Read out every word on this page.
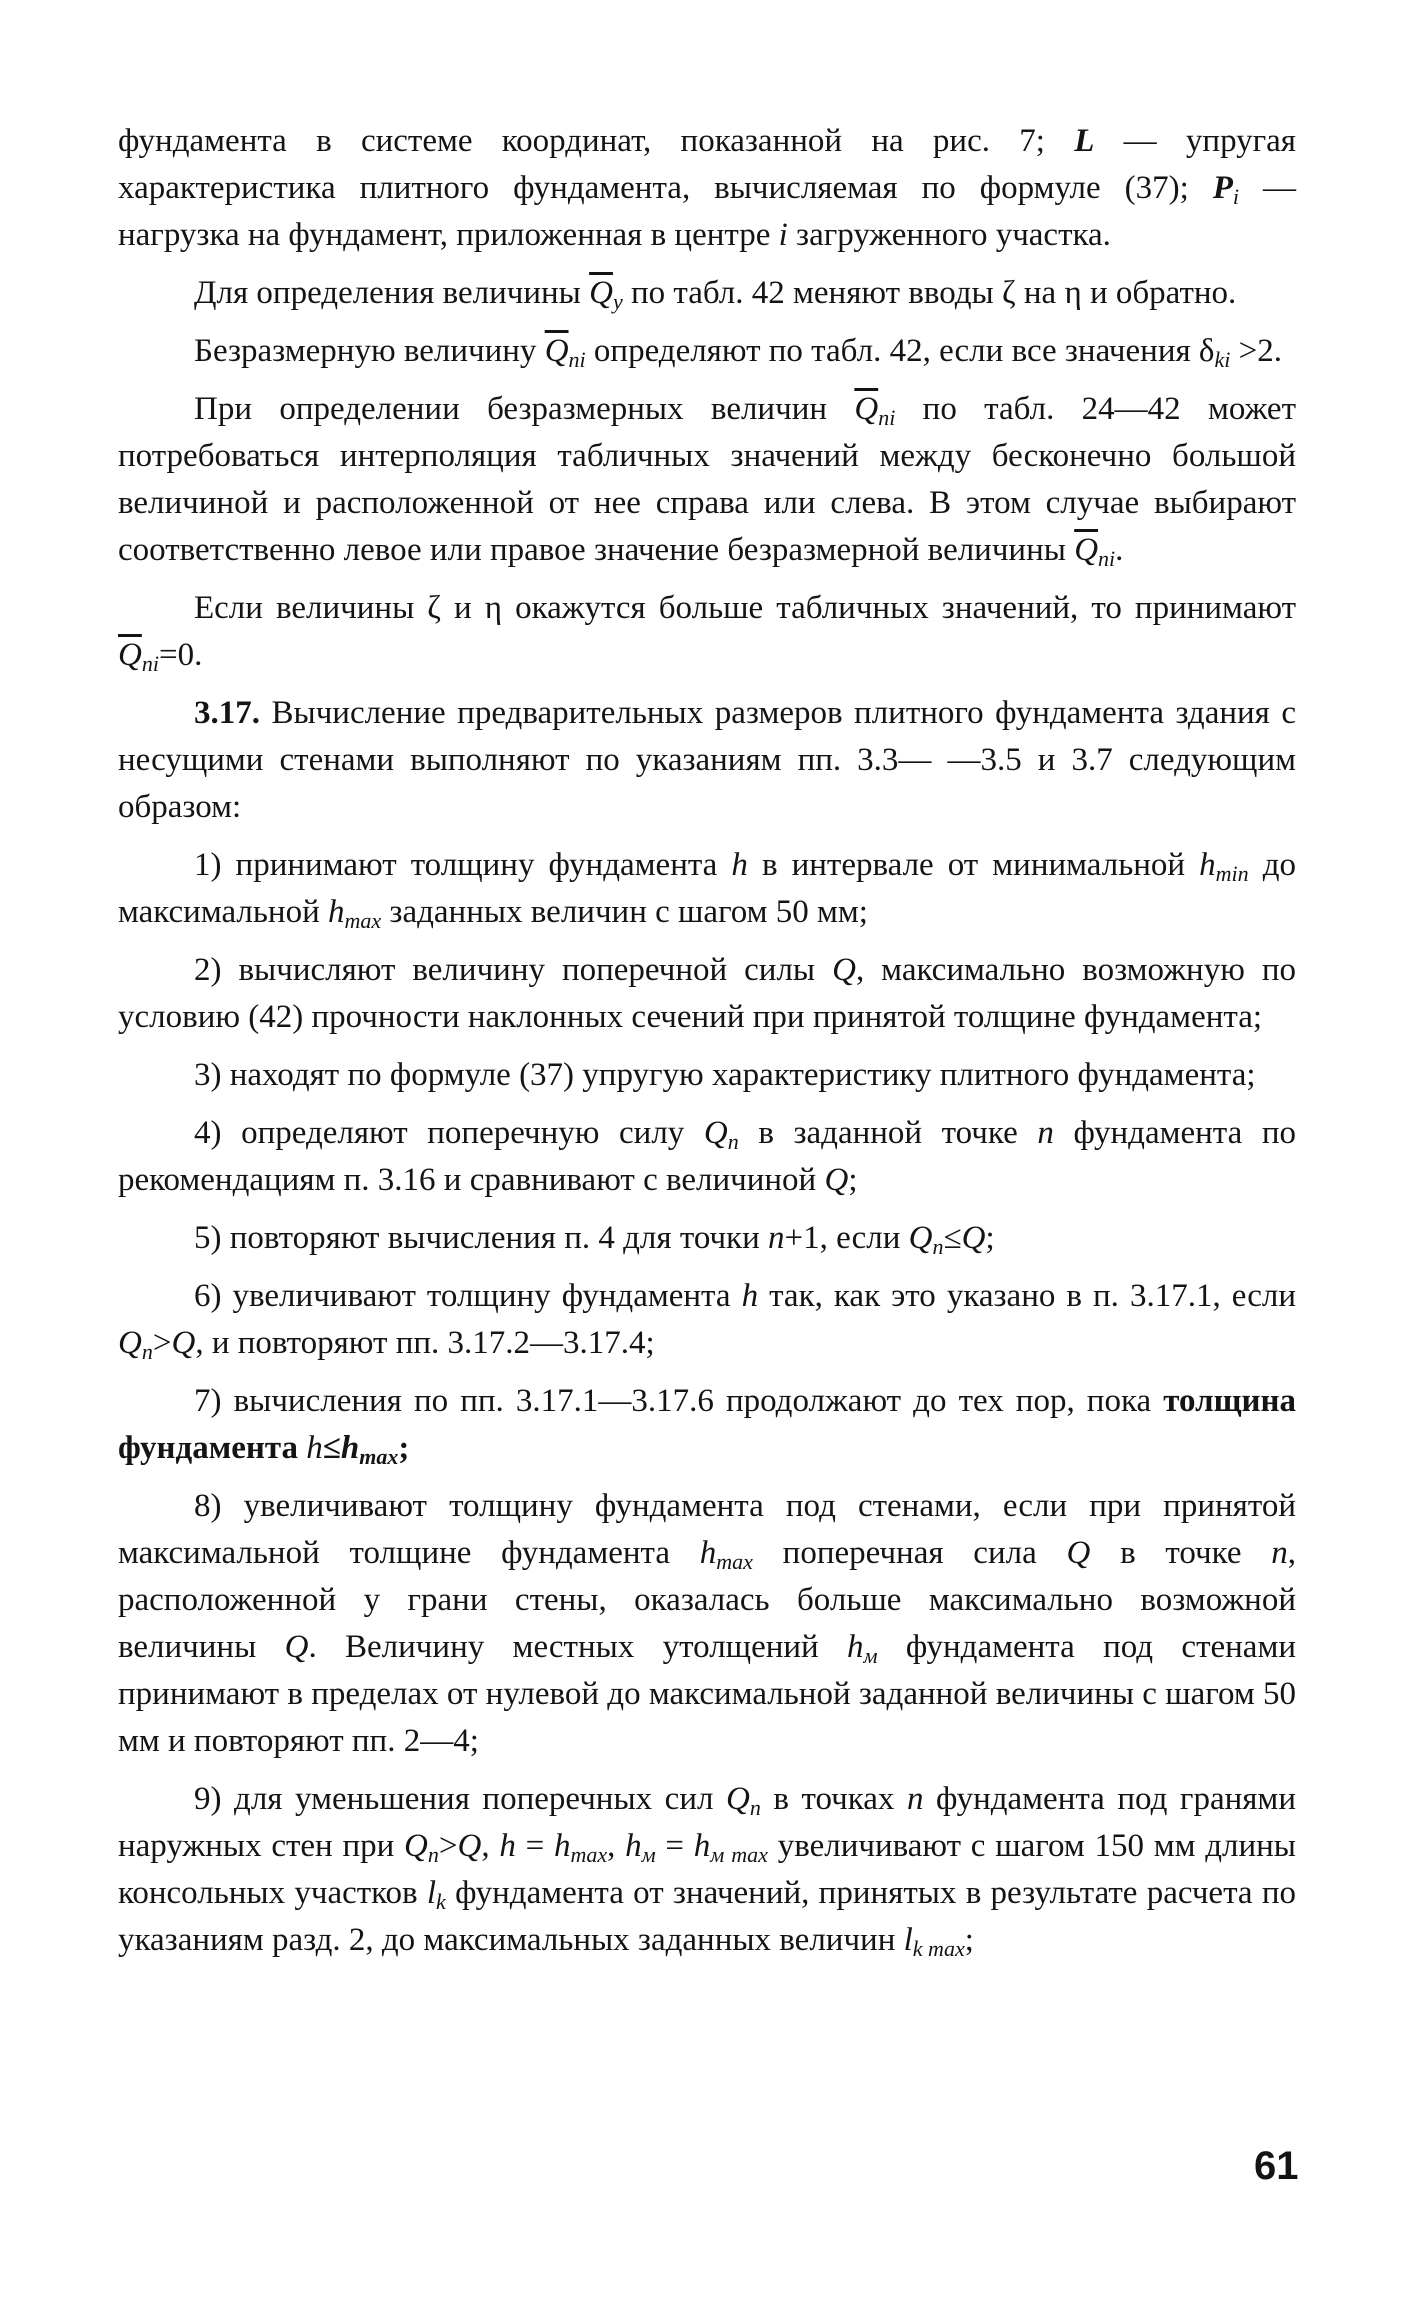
фундамента в системе координат, показанной на рис. 7; L — упругая характеристика плитного фундамента, вычисляемая по формуле (37); $P_i$ — нагрузка на фундамент, приложенная в центре i загруженного участка.

Для определения величины $\overline{Q}_y$ по табл. 42 меняют вводы ζ на η и обратно.

Безразмерную величину $\overline{Q}_{ni}$ определяют по табл. 42, если все значения $\delta_{ki} >2$.

При определении безразмерных величин $\overline{Q}_{ni}$ по табл. 24—42 может потребоваться интерполяция табличных значений между бесконечно большой величиной и расположенной от нее справа или слева. В этом случае выбирают соответственно левое или правое значение безразмерной величины $\overline{Q}_{ni}$.

Если величины ζ и η окажутся больше табличных значений, то принимают $\overline{Q}_{ni}=0$.

3.17. Вычисление предварительных размеров плитного фундамента здания с несущими стенами выполняют по указаниям пп. 3.3— —3.5 и 3.7 следующим образом:

1) принимают толщину фундамента h в интервале от минимальной $h_{min}$ до максимальной $h_{max}$ заданных величин с шагом 50 мм;

2) вычисляют величину поперечной силы Q, максимально возможную по условию (42) прочности наклонных сечений при принятой толщине фундамента;

3) находят по формуле (37) упругую характеристику плитного фундамента;

4) определяют поперечную силу $Q_n$ в заданной точке n фундамента по рекомендациям п. 3.16 и сравнивают с величиной Q;

5) повторяют вычисления п. 4 для точки n+1, если $Q_n\le Q$;

6) увеличивают толщину фундамента h так, как это указано в п. 3.17.1, если $Q_n>Q$, и повторяют пп. 3.17.2—3.17.4;

7) вычисления по пп. 3.17.1—3.17.6 продолжают до тех пор, пока толщина фундамента $h\le h_{max}$;

8) увеличивают толщину фундамента под стенами, если при принятой максимальной толщине фундамента $h_{max}$ поперечная сила Q в точке n, расположенной у грани стены, оказалась больше максимально возможной величины Q. Величину местных утолщений $h_м$ фундамента под стенами принимают в пределах от нулевой до максимальной заданной величины с шагом 50 мм и повторяют пп. 2—4;

9) для уменьшения поперечных сил $Q_n$ в точках n фундамента под гранями наружных стен при $Q_n>Q$, $h = h_{max}$, $h_м = h_{м max}$ увеличивают с шагом 150 мм длины консольных участков $l_k$ фундамента от значений, принятых в результате расчета по указаниям разд. 2, до максимальных заданных величин $l_{k max}$;

61
